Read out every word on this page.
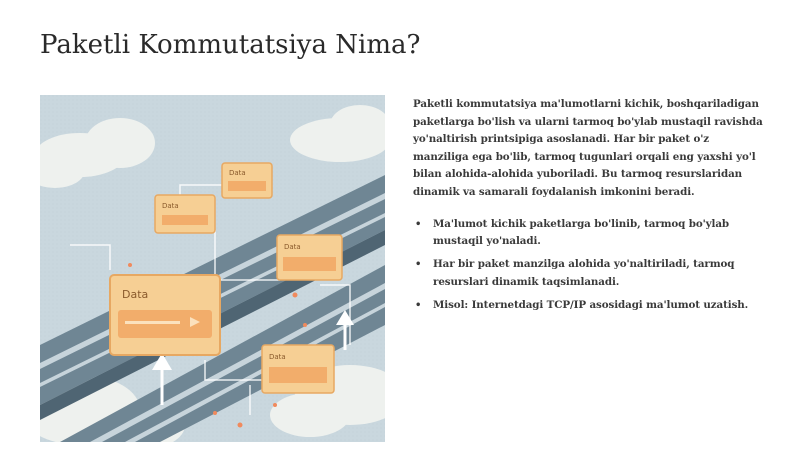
Paketli Kommutatsiya Nima?
Data
Data
Data
Data
Data

Paketli kommutatsiya ma'lumotlarni kichik, boshqariladigan paketlarga bo'lish va ularni tarmoq bo'ylab mustaqil ravishda yo'naltirish printsipiga asoslanadi. Har bir paket o'z manziliga ega bo'lib, tarmoq tugunlari orqali eng yaxshi yo'l bilan alohida-alohida yuboriladi. Bu tarmoq resurslaridan dinamik va samarali foydalanish imkonini beradi.

• Ma'lumot kichik paketlarga bo'linib, tarmoq bo'ylab mustaqil yo'naladi.
• Har bir paket manzilga alohida yo'naltiriladi, tarmoq resurslari dinamik taqsimlanadi.
• Misol: Internetdagi TCP/IP asosidagi ma'lumot uzatish.
